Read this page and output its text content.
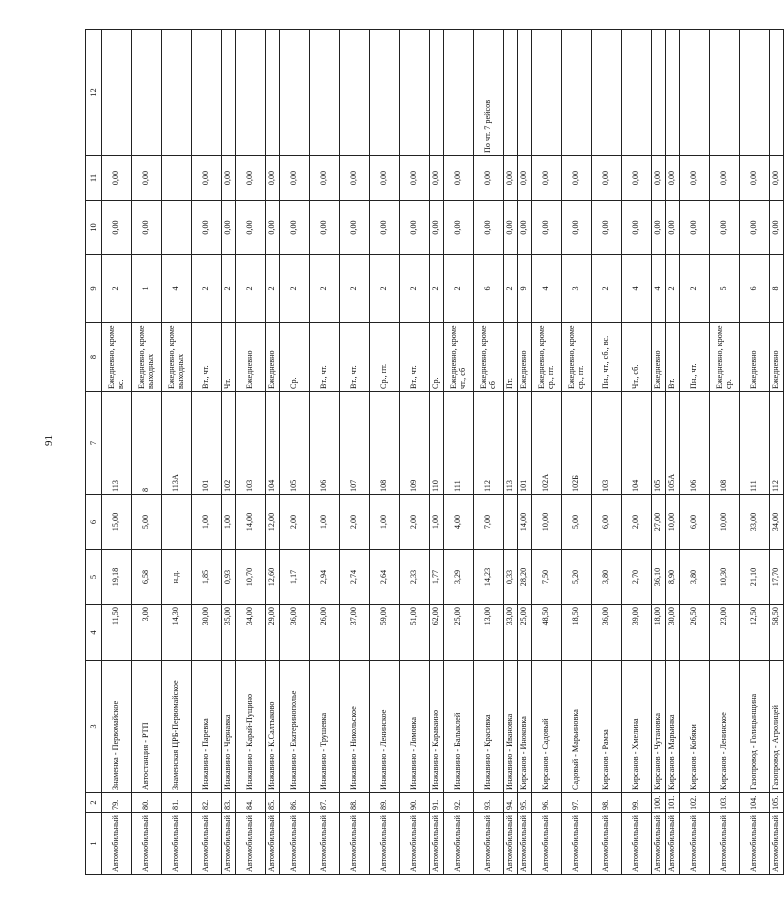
91
1	2	3	4	5	6	7	8	9	10	11	12
Автомобильный	79.	Знаменка - Первомайское	11,50	19,18	15,00	113	Ежедневно, кроме вс.	2	0,00	0,00	
Автомобильный	80.	Автостанция - РТП	3,00	6,58	5,00	8	Ежедневно, кроме выходных	1	0,00	0,00	
Автомобильный	81.	Знаменская ЦРБ-Первомайское	14,30	н.д.		113А	Ежедневно, кроме выходных	4			
Автомобильный	82.	Инжавино - Паревка	30,00	1,85	1,00	101	Вт., чт.	2	0,00	0,00	
Автомобильный	83.	Инжавино - Чернавка	35,00	0,93	1,00	102	Чт.	2	0,00	0,00	
Автомобильный	84.	Инжавино - Карай-Пущино	34,00	10,70	14,00	103	Ежедневно	2	0,00	0,00	
Автомобильный	85.	Инжавино - К.Салтыково	29,00	12,60	12,00	104	Ежедневно	2	0,00	0,00	
Автомобильный	86.	Инжавино - Екатеринополье	36,00	1,17	2,00	105	Ср.	2	0,00	0,00	
Автомобильный	87.	Инжавино - Трушевка	26,00	2,94	1,00	106	Вт., чт.	2	0,00	0,00	
Автомобильный	88.	Инжавино - Никольское	37,00	2,74	2,00	107	Вт., чт.	2	0,00	0,00	
Автомобильный	89.	Инжавино - Ленинское	59,00	2,64	1,00	108	Ср., пт.	2	0,00	0,00	
Автомобильный	90.	Инжавино - Ломовка	51,00	2,33	2,00	109	Вт., чт.	2	0,00	0,00	
Автомобильный	91.	Инжавино - Караваино	62,00	1,77	1,00	110	Ср.	2	0,00	0,00	
Автомобильный	92.	Инжавино - Балыклей	25,00	3,29	4,00	111	Ежедневно, кроме чт., сб	2	0,00	0,00	
Автомобильный	93.	Инжавино - Красивка	13,00	14,23	7,00	112	Ежедневно, кроме сб	6	0,00	0,00	По чт. 7 рейсов
Автомобильный	94.	Инжавино - Ивановка	33,00	0,33		113	Пт.	2	0,00	0,00	
Автомобильный	95.	Кирсанов - Иноковка	25,00	28,20	14,00	101	Ежедневно	9	0,00	0,00	
Автомобильный	96.	Кирсанов - Садовый	48,50	7,50	10,00	102А	Ежедневно, кроме ср., пт.	4	0,00	0,00	
Автомобильный	97.	Садовый - Марьиновка	18,50	5,20	5,00	102Б	Ежедневно, кроме ср., пт.	3	0,00	0,00	
Автомобильный	98.	Кирсанов - Рамза	36,00	3,80	6,00	103	Пн., чт., сб., вс.	2	0,00	0,00	
Автомобильный	99.	Кирсанов - Хмелина	39,00	2,70	2,00	104	Чт., сб.	4	0,00	0,00	
Автомобильный	100.	Кирсанов - Чутановка	18,00	36,10	27,00	105	Ежедневно	4	0,00	0,00	
Автомобильный	101.	Кирсанов - Марьинка	30,00	8,90	10,00	105А	Вт.	2	0,00	0,00	
Автомобильный	102.	Кирсанов - Кобяки	26,50	3,80	6,00	106	Пн., чт.	2	0,00	0,00	
Автомобильный	103.	Кирсанов - Ленинское	23,00	10,30	10,00	108	Ежедневно, кроме ср.	5	0,00	0,00	
Автомобильный	104.	Газопровод - Голицынщина	12,50	21,10	33,00	111	Ежедневно	6	0,00	0,00	
Автомобильный	105.	Газопровод - Агролицей	58,50	17,70	34,00	112	Ежедневно	8	0,00	0,00	
